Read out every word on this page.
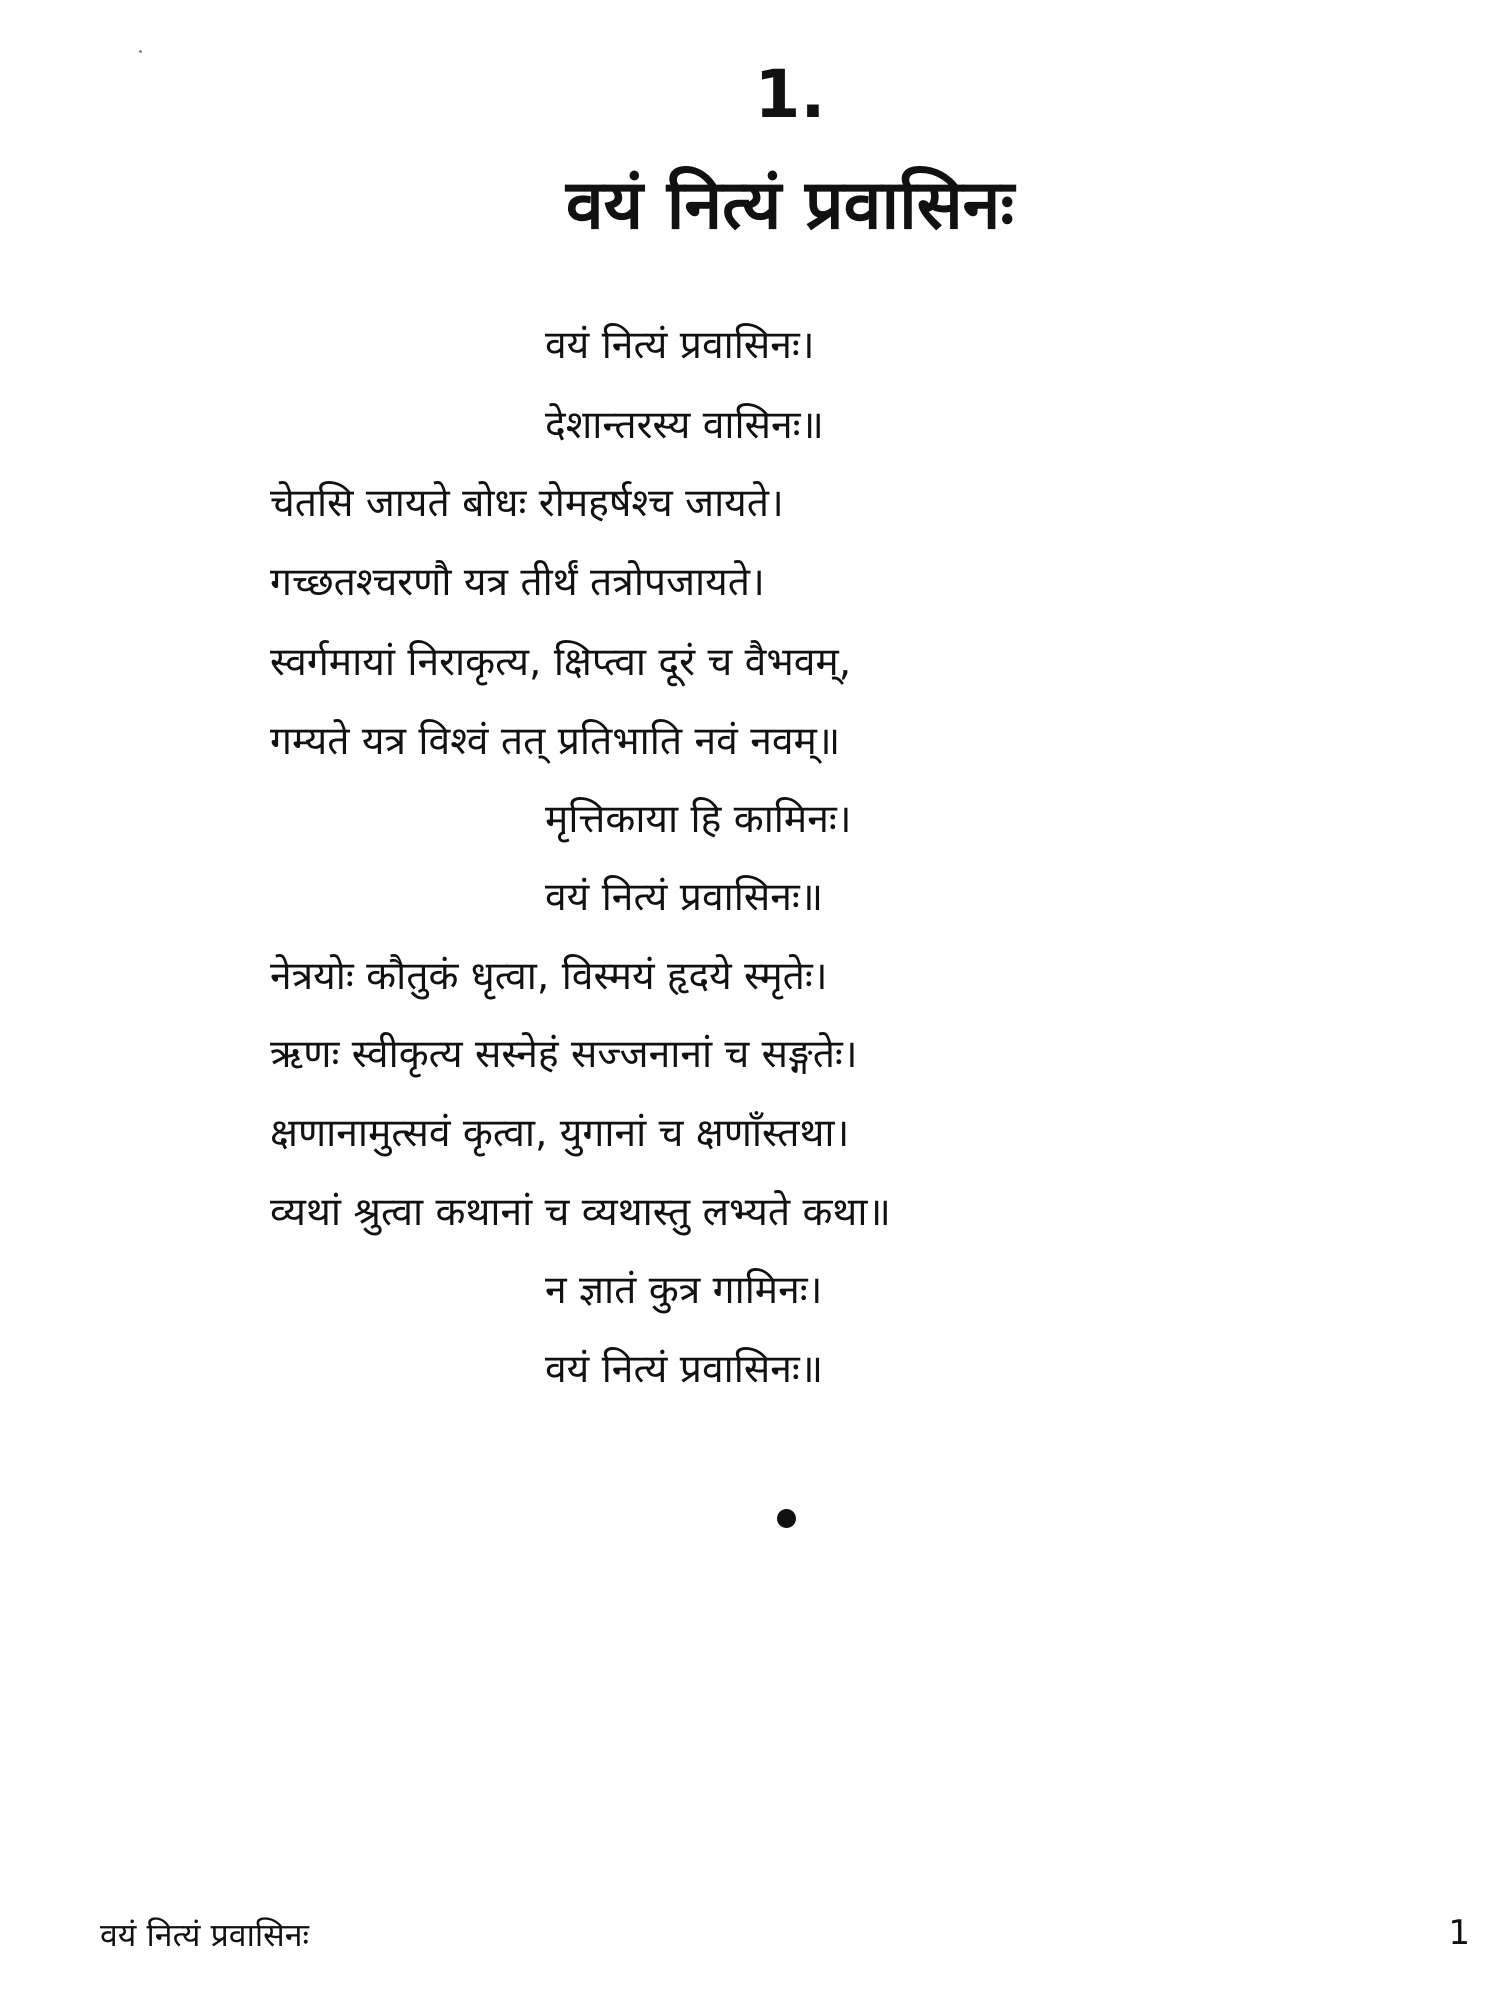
1.
वयं नित्यं प्रवासिनः
वयं नित्यं प्रवासिनः।
देशान्तरस्य वासिनः॥
चेतसि जायते बोधः रोमहर्षश्च जायते।
गच्छतश्चरणौ यत्र तीर्थं तत्रोपजायते।
स्वर्गमायां निराकृत्य, क्षिप्त्वा दूरं च वैभवम्,
गम्यते यत्र विश्वं तत् प्रतिभाति नवं नवम्॥
मृत्तिकाया हि कामिनः।
वयं नित्यं प्रवासिनः॥
नेत्रयोः कौतुकं धृत्वा, विस्मयं हृदये स्मृतेः।
ऋणः स्वीकृत्य सस्नेहं सज्जनानां च सङ्गतेः।
क्षणानामुत्सवं कृत्वा, युगानां च क्षणाँस्तथा।
व्यथां श्रुत्वा कथानां च व्यथास्तु लभ्यते कथा॥
न ज्ञातं कुत्र गामिनः।
वयं नित्यं प्रवासिनः॥
वयं नित्यं प्रवासिनः	1
